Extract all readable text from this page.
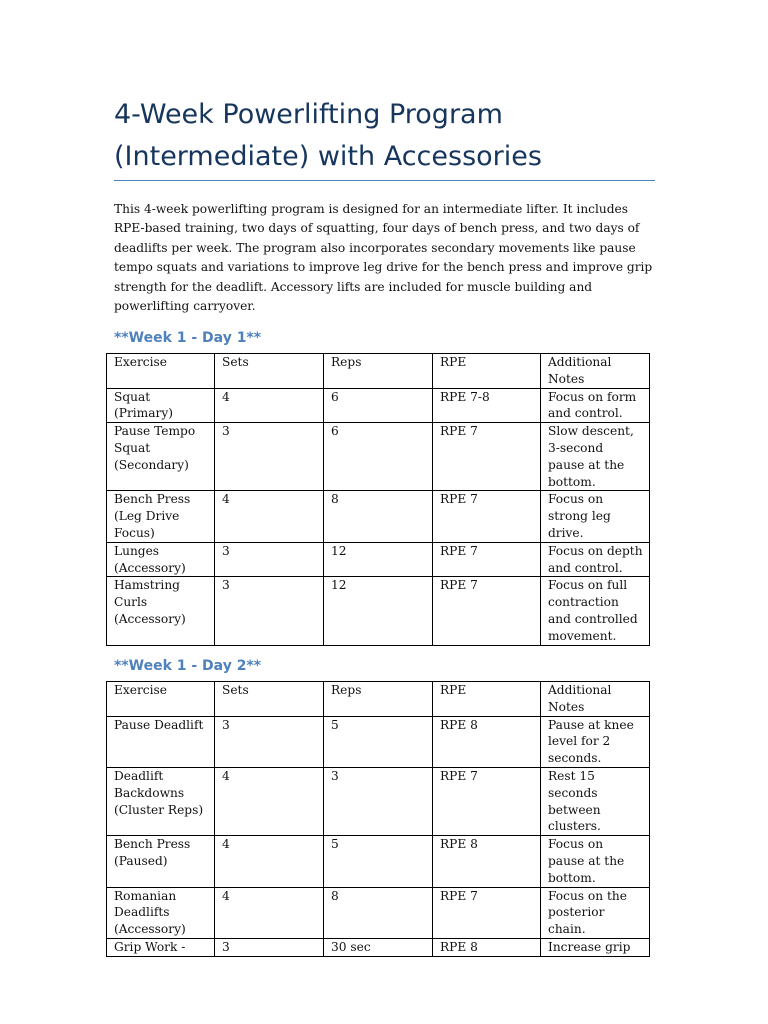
4-Week Powerlifting Program (Intermediate) with Accessories

This 4-week powerlifting program is designed for an intermediate lifter. It includes RPE-based training, two days of squatting, four days of bench press, and two days of deadlifts per week. The program also incorporates secondary movements like pause tempo squats and variations to improve leg drive for the bench press and improve grip strength for the deadlift. Accessory lifts are included for muscle building and powerlifting carryover.

**Week 1 - Day 1**
Exercise	Sets	Reps	RPE	Additional Notes
Squat (Primary)	4	6	RPE 7-8	Focus on form and control.
Pause Tempo Squat (Secondary)	3	6	RPE 7	Slow descent, 3-second pause at the bottom.
Bench Press (Leg Drive Focus)	4	8	RPE 7	Focus on strong leg drive.
Lunges (Accessory)	3	12	RPE 7	Focus on depth and control.
Hamstring Curls (Accessory)	3	12	RPE 7	Focus on full contraction and controlled movement.
**Week 1 - Day 2**
Exercise	Sets	Reps	RPE	Additional Notes
Pause Deadlift	3	5	RPE 8	Pause at knee level for 2 seconds.
Deadlift Backdowns (Cluster Reps)	4	3	RPE 7	Rest 15 seconds between clusters.
Bench Press (Paused)	4	5	RPE 8	Focus on pause at the bottom.
Romanian Deadlifts (Accessory)	4	8	RPE 7	Focus on the posterior chain.
Grip Work -	3	30 sec	RPE 8	Increase grip
